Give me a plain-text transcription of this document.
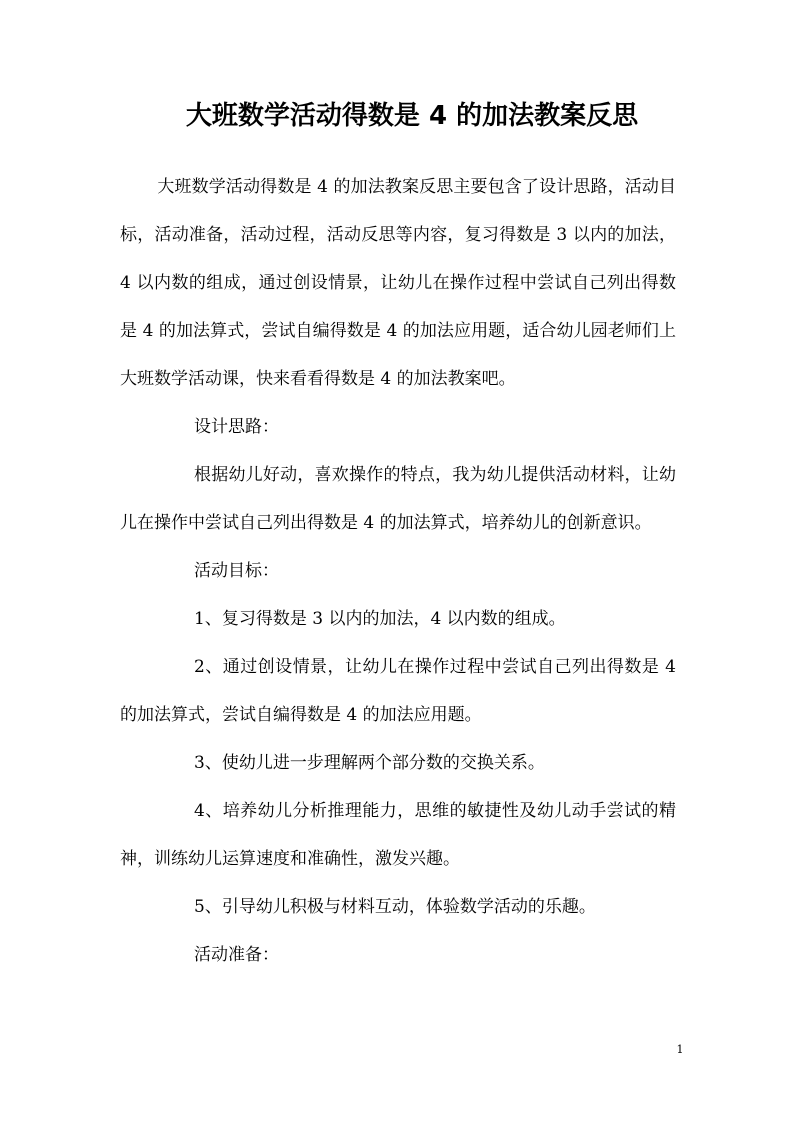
大班数学活动得数是 4 的加法教案反思

大班数学活动得数是 4 的加法教案反思主要包含了设计思路，活动目标，活动准备，活动过程，活动反思等内容，复习得数是 3 以内的加法，4 以内数的组成，通过创设情景，让幼儿在操作过程中尝试自己列出得数是 4 的加法算式，尝试自编得数是 4 的加法应用题，适合幼儿园老师们上大班数学活动课，快来看看得数是 4 的加法教案吧。

设计思路：

根据幼儿好动，喜欢操作的特点，我为幼儿提供活动材料，让幼儿在操作中尝试自己列出得数是 4 的加法算式，培养幼儿的创新意识。

活动目标：

1、复习得数是 3 以内的加法，4 以内数的组成。

2、通过创设情景，让幼儿在操作过程中尝试自己列出得数是 4 的加法算式，尝试自编得数是 4 的加法应用题。

3、使幼儿进一步理解两个部分数的交换关系。

4、培养幼儿分析推理能力，思维的敏捷性及幼儿动手尝试的精神，训练幼儿运算速度和准确性，激发兴趣。

5、引导幼儿积极与材料互动，体验数学活动的乐趣。

活动准备：

1
